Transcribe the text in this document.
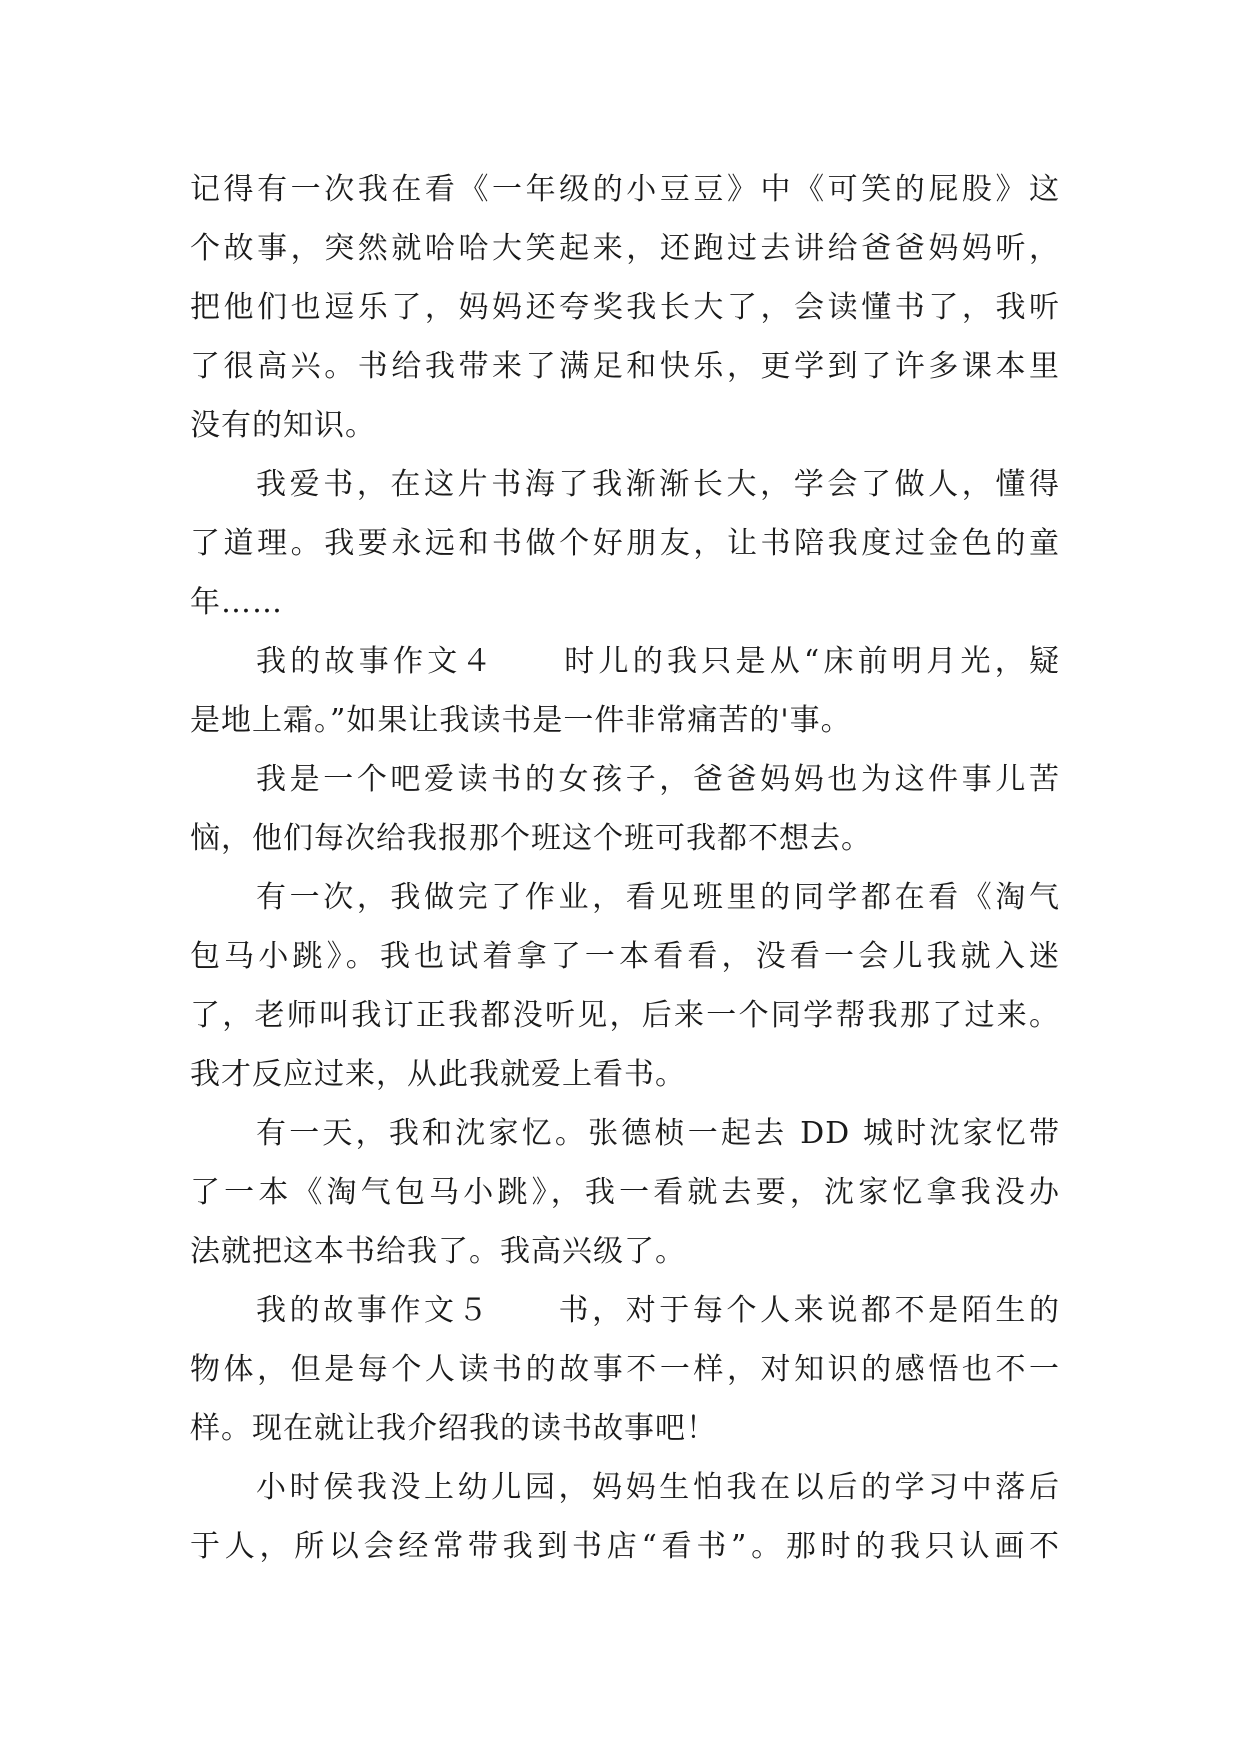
记得有一次我在看《一年级的小豆豆》中《可笑的屁股》这
个故事，突然就哈哈大笑起来，还跑过去讲给爸爸妈妈听，
把他们也逗乐了，妈妈还夸奖我长大了，会读懂书了，我听
了很高兴。书给我带来了满足和快乐，更学到了许多课本里
没有的知识。
我爱书，在这片书海了我渐渐长大，学会了做人，懂得
了道理。我要永远和书做个好朋友，让书陪我度过金色的童
年……
我的故事作文４　　时儿的我只是从“床前明月光，疑
是地上霜。”如果让我读书是一件非常痛苦的'事。
我是一个吧爱读书的女孩子，爸爸妈妈也为这件事儿苦
恼，他们每次给我报那个班这个班可我都不想去。
有一次，我做完了作业，看见班里的同学都在看《淘气
包马小跳》。我也试着拿了一本看看，没看一会儿我就入迷
了，老师叫我订正我都没听见，后来一个同学帮我那了过来。
我才反应过来，从此我就爱上看书。
有一天，我和沈家忆。张德桢一起去 DD 城时沈家忆带
了一本《淘气包马小跳》，我一看就去要，沈家忆拿我没办
法就把这本书给我了。我高兴级了。
我的故事作文５　　书，对于每个人来说都不是陌生的
物体，但是每个人读书的故事不一样，对知识的感悟也不一
样。现在就让我介绍我的读书故事吧！
小时侯我没上幼儿园，妈妈生怕我在以后的学习中落后
于人，所以会经常带我到书店“看书”。那时的我只认画不
